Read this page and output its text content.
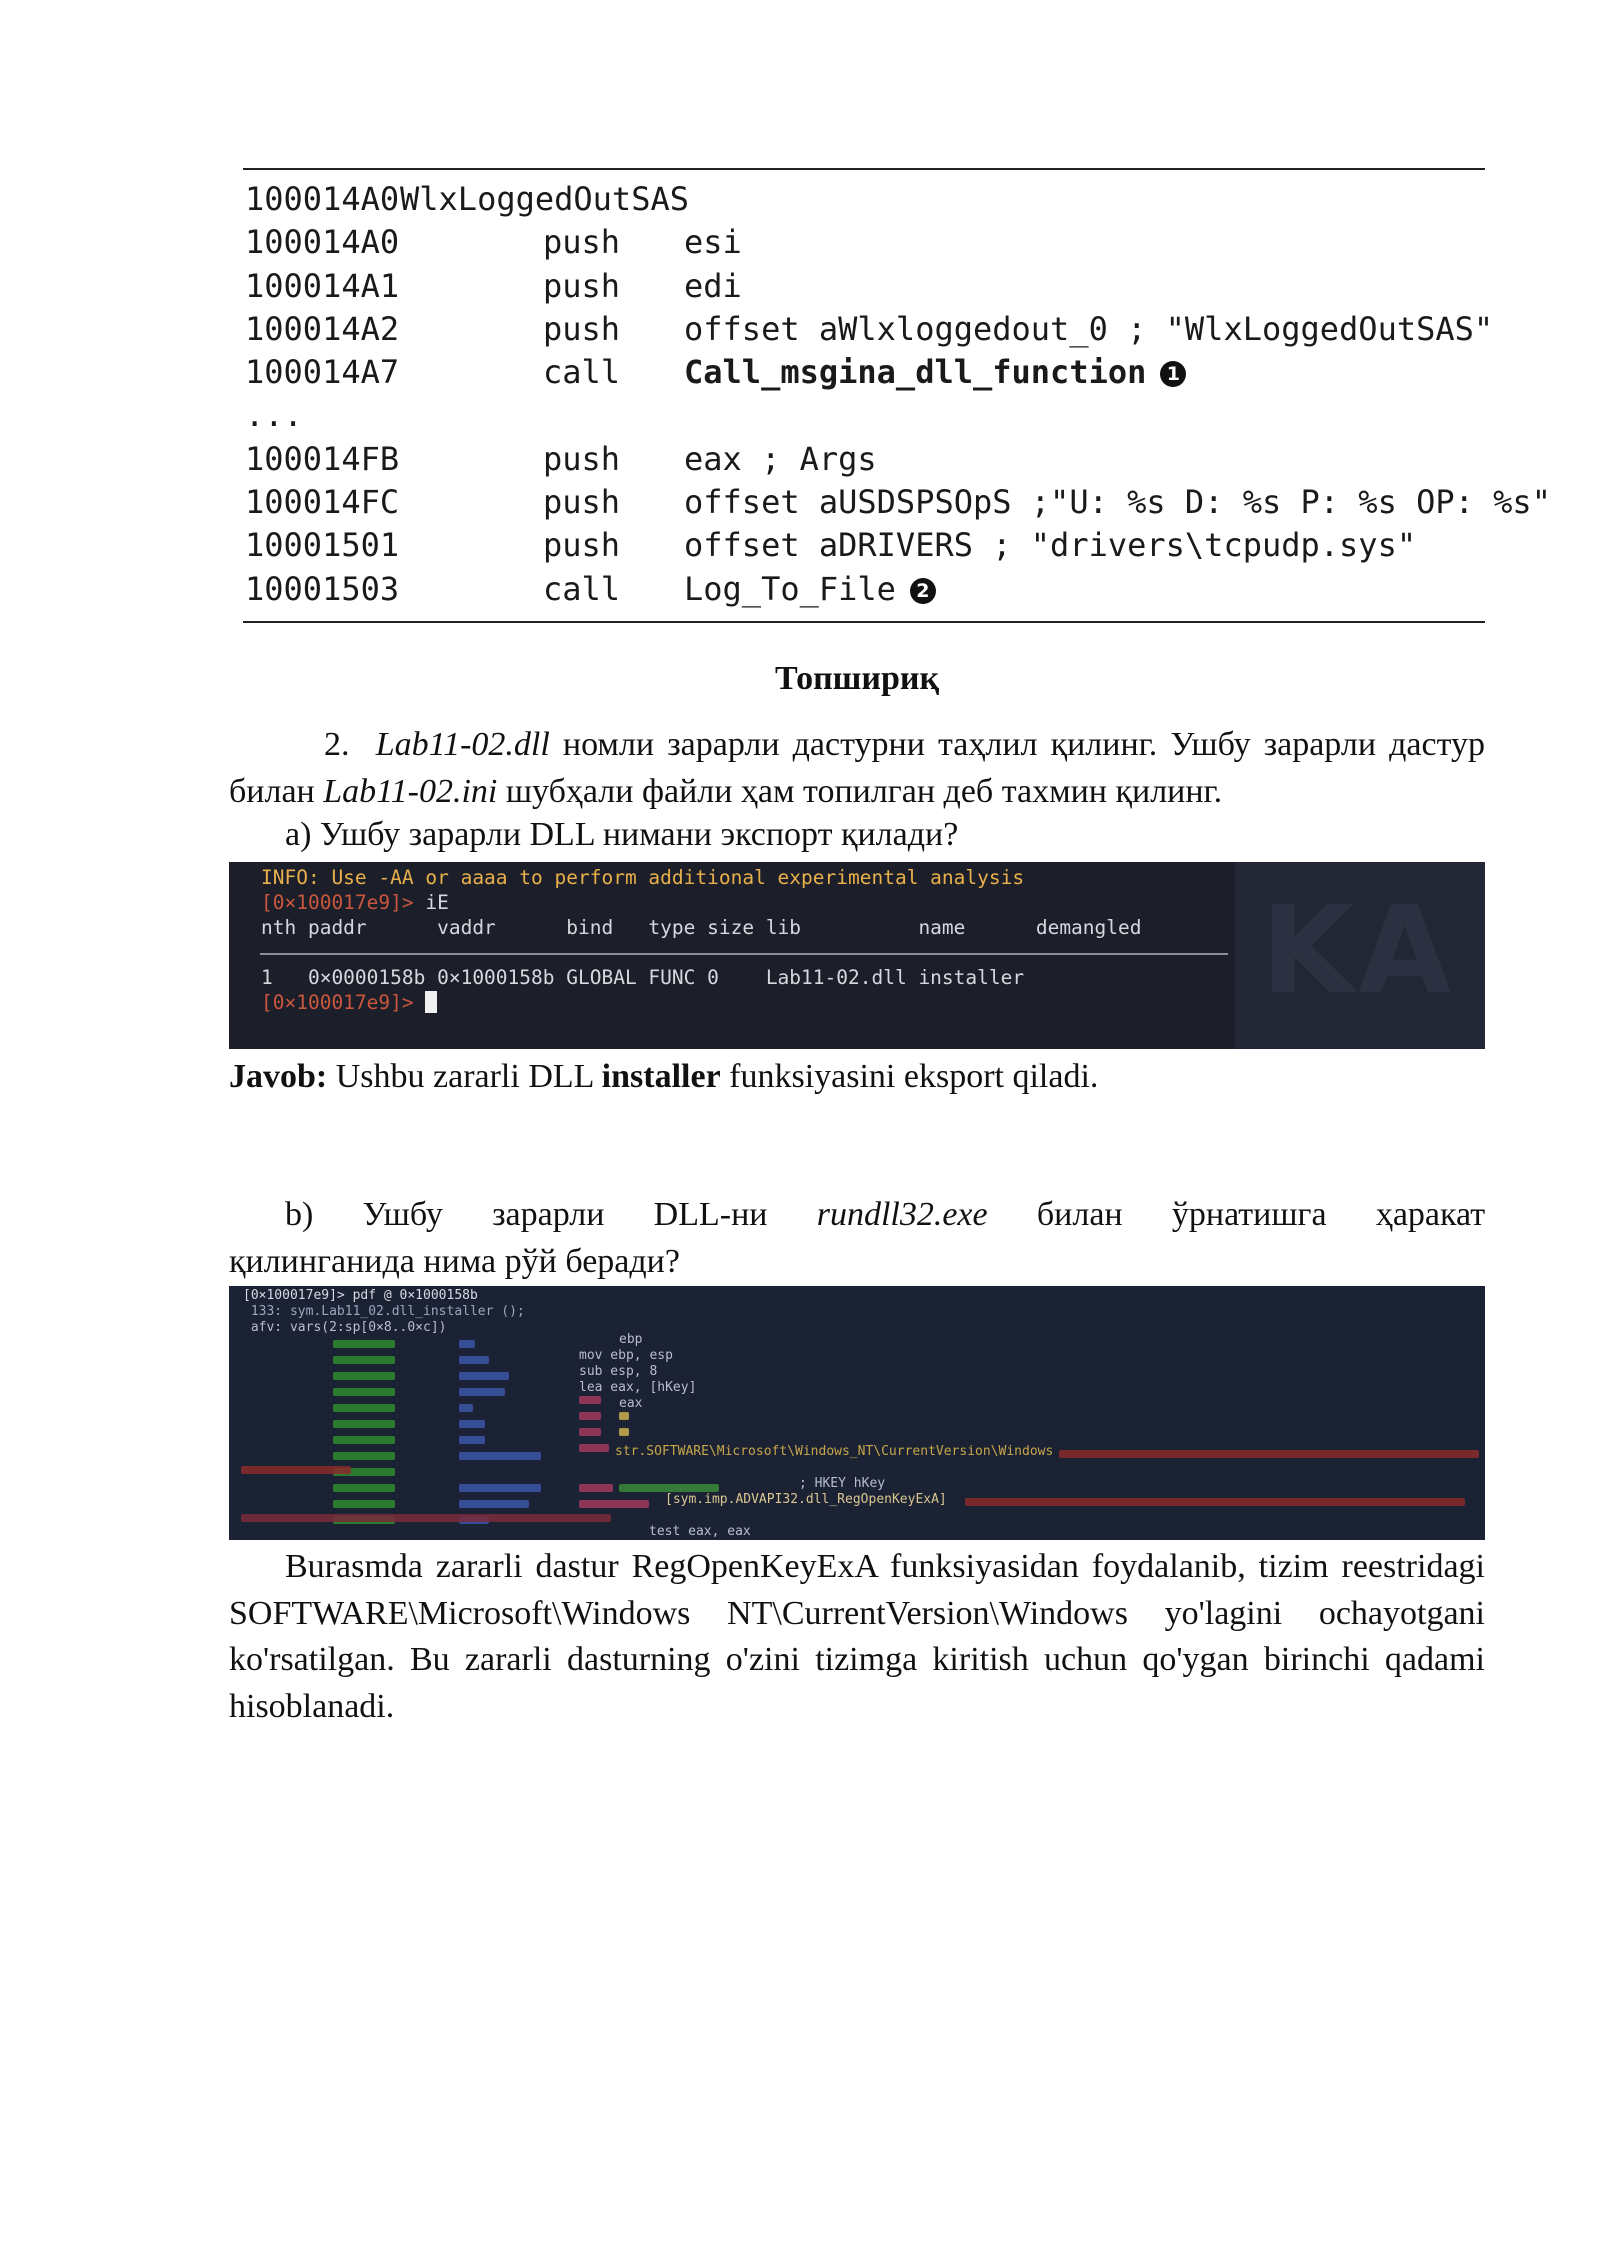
100014A0 WlxLoggedOutSAS
100014A0	push esi
100014A1	push edi
100014A2	push offset aWlxloggedout_0 ; "WlxLoggedOutSAS"
100014A7	call Call_msgina_dll_function 1
...
100014FB	push eax ; Args
100014FC	push offset aUSDSPSOpS ;"U: %s D: %s P: %s OP: %s"
10001501	push offset aDRIVERS ; "drivers\tcpudp.sys"
10001503	call Log_To_File 2
Топшириқ
2. Lab11-02.dll номли зарарли дастурни таҳлил қилинг. Ушбу зарарли дастур билан Lab11-02.ini шубҳали файли ҳам топилган деб тахмин қилинг.
a) Ушбу зарарли DLL нимани экспорт қилади?
KA
INFO: Use -AA or aaaa to perform additional experimental analysis
[0×100017e9]> iE
nth paddr      vaddr      bind   type size lib          name      demangled
1   0×0000158b 0×1000158b GLOBAL FUNC 0    Lab11-02.dll installer
[0×100017e9]>
Javob: Ushbu zararli DLL installer funksiyasini eksport qiladi.
b) Ушбу зарарли DLL-ни rundll32.exe билан ўрнатишга ҳаракат
қилинганида нима рўй беради?
[0×100017e9]> pdf @ 0×1000158b
133: sym.Lab11_02.dll_installer ();
afv: vars(2:sp[0×8..0×c])
ebp
mov ebp, esp
sub esp, 8
lea eax, [hKey]
eax
str.SOFTWARE\Microsoft\Windows_NT\CurrentVersion\Windows
; HKEY hKey
[sym.imp.ADVAPI32.dll_RegOpenKeyExA]
test eax, eax
Burasmda zararli dastur RegOpenKeyExA funksiyasidan foydalanib, tizim reestridagi SOFTWARE\Microsoft\Windows NT\CurrentVersion\Windows yo'lagini ochayotgani ko'rsatilgan. Bu zararli dasturning o'zini tizimga kiritish uchun qo'ygan birinchi qadami hisoblanadi.
